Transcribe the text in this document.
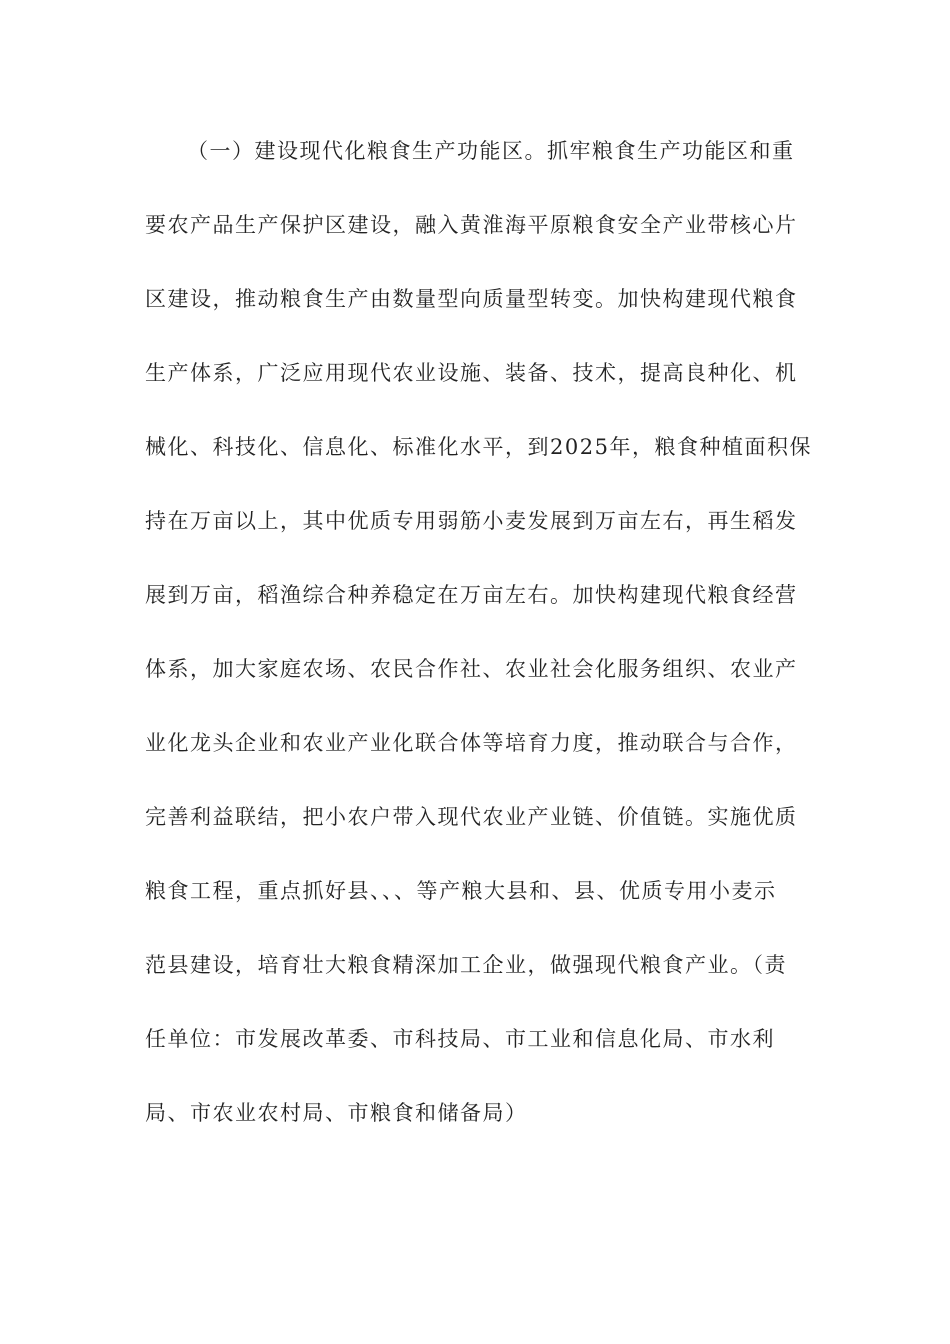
（一）建设现代化粮食生产功能区。抓牢粮食生产功能区和重
要农产品生产保护区建设，融入黄淮海平原粮食安全产业带核心片
区建设，推动粮食生产由数量型向质量型转变。加快构建现代粮食
生产体系，广泛应用现代农业设施、装备、技术，提高良种化、机
械化、科技化、信息化、标准化水平，到2025年，粮食种植面积保
持在万亩以上，其中优质专用弱筋小麦发展到万亩左右，再生稻发
展到万亩，稻渔综合种养稳定在万亩左右。加快构建现代粮食经营
体系，加大家庭农场、农民合作社、农业社会化服务组织、农业产
业化龙头企业和农业产业化联合体等培育力度，推动联合与合作，
完善利益联结，把小农户带入现代农业产业链、价值链。实施优质
粮食工程，重点抓好县、、、等产粮大县和、县、优质专用小麦示
范县建设，培育壮大粮食精深加工企业，做强现代粮食产业。（责
任单位：市发展改革委、市科技局、市工业和信息化局、市水利
局、市农业农村局、市粮食和储备局）
